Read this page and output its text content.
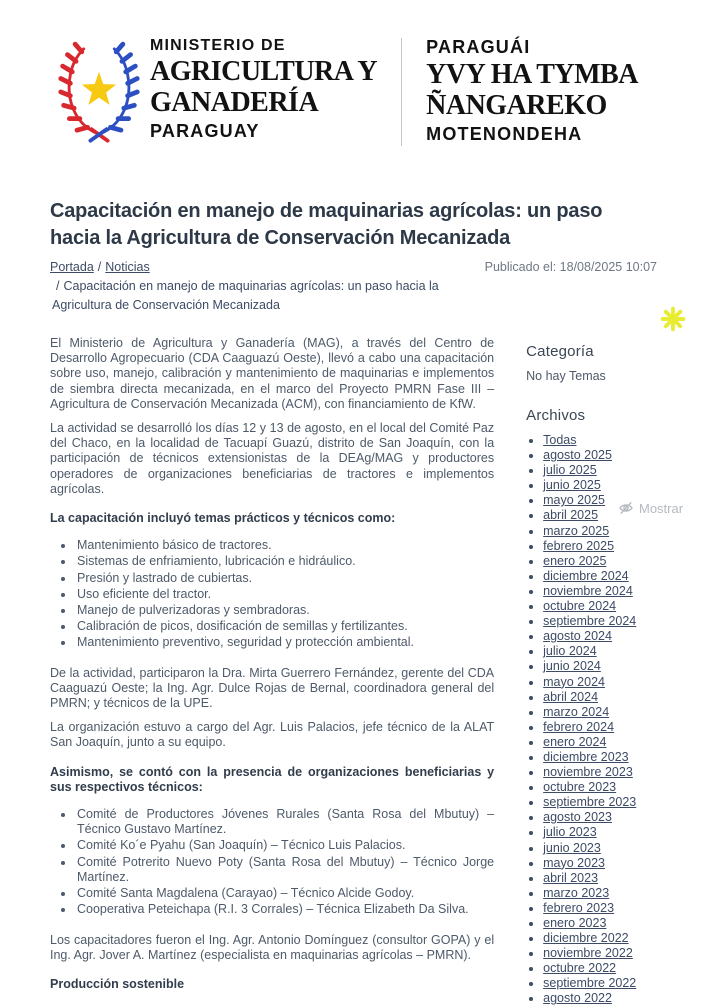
MINISTERIO DE
AGRICULTURA Y
GANADERÍA
PARAGUAY
PARAGUÁI
YVY HA TYMBA
ÑANGAREKO
MOTENONDEHA
Capacitación en manejo de maquinarias agrícolas: un paso hacia la Agricultura de Conservación Mecanizada
Portada / Noticias	Publicado el: 18/08/2025 10:07
/ Capacitación en manejo de maquinarias agrícolas: un paso hacia la Agricultura de Conservación Mecanizada

El Ministerio de Agricultura y Ganadería (MAG), a través del Centro de Desarrollo Agropecuario (CDA Caaguazú Oeste), llevó a cabo una capacitación sobre uso, manejo, calibración y mantenimiento de maquinarias e implementos de siembra directa mecanizada, en el marco del Proyecto PMRN Fase III – Agricultura de Conservación Mecanizada (ACM), con financiamiento de KfW.

La actividad se desarrolló los días 12 y 13 de agosto, en el local del Comité Paz del Chaco, en la localidad de Tacuapí Guazú, distrito de San Joaquín, con la participación de técnicos extensionistas de la DEAg/MAG y productores operadores de organizaciones beneficiarias de tractores e implementos agrícolas.

La capacitación incluyó temas prácticos y técnicos como:

• Mantenimiento básico de tractores.
• Sistemas de enfriamiento, lubricación e hidráulico.
• Presión y lastrado de cubiertas.
• Uso eficiente del tractor.
• Manejo de pulverizadoras y sembradoras.
• Calibración de picos, dosificación de semillas y fertilizantes.
• Mantenimiento preventivo, seguridad y protección ambiental.

De la actividad, participaron la Dra. Mirta Guerrero Fernández, gerente del CDA Caaguazú Oeste; la Ing. Agr. Dulce Rojas de Bernal, coordinadora general del PMRN; y técnicos de la UPE.

La organización estuvo a cargo del Agr. Luis Palacios, jefe técnico de la ALAT San Joaquín, junto a su equipo.

Asimismo, se contó con la presencia de organizaciones beneficiarias y sus respectivos técnicos:

• Comité de Productores Jóvenes Rurales (Santa Rosa del Mbutuy) – Técnico Gustavo Martínez.
• Comité Ko´e Pyahu (San Joaquín) – Técnico Luis Palacios.
• Comité Potrerito Nuevo Poty (Santa Rosa del Mbutuy) – Técnico Jorge Martínez.
• Comité Santa Magdalena (Carayao) – Técnico Alcide Godoy.
• Cooperativa Peteichapa (R.I. 3 Corrales) – Técnica Elizabeth Da Silva.

Los capacitadores fueron el Ing. Agr. Antonio Domínguez (consultor GOPA) y el Ing. Agr. Jover A. Martínez (especialista en maquinarias agrícolas – PMRN).

Producción sostenible

Categoría
No hay Temas
Archivos
• Todas
• agosto 2025
• julio 2025
• junio 2025
• mayo 2025
• abril 2025
• marzo 2025
• febrero 2025
• enero 2025
• diciembre 2024
• noviembre 2024
• octubre 2024
• septiembre 2024
• agosto 2024
• julio 2024
• junio 2024
• mayo 2024
• abril 2024
• marzo 2024
• febrero 2024
• enero 2024
• diciembre 2023
• noviembre 2023
• octubre 2023
• septiembre 2023
• agosto 2023
• julio 2023
• junio 2023
• mayo 2023
• abril 2023
• marzo 2023
• febrero 2023
• enero 2023
• diciembre 2022
• noviembre 2022
• octubre 2022
• septiembre 2022
• agosto 2022
Mostrar
